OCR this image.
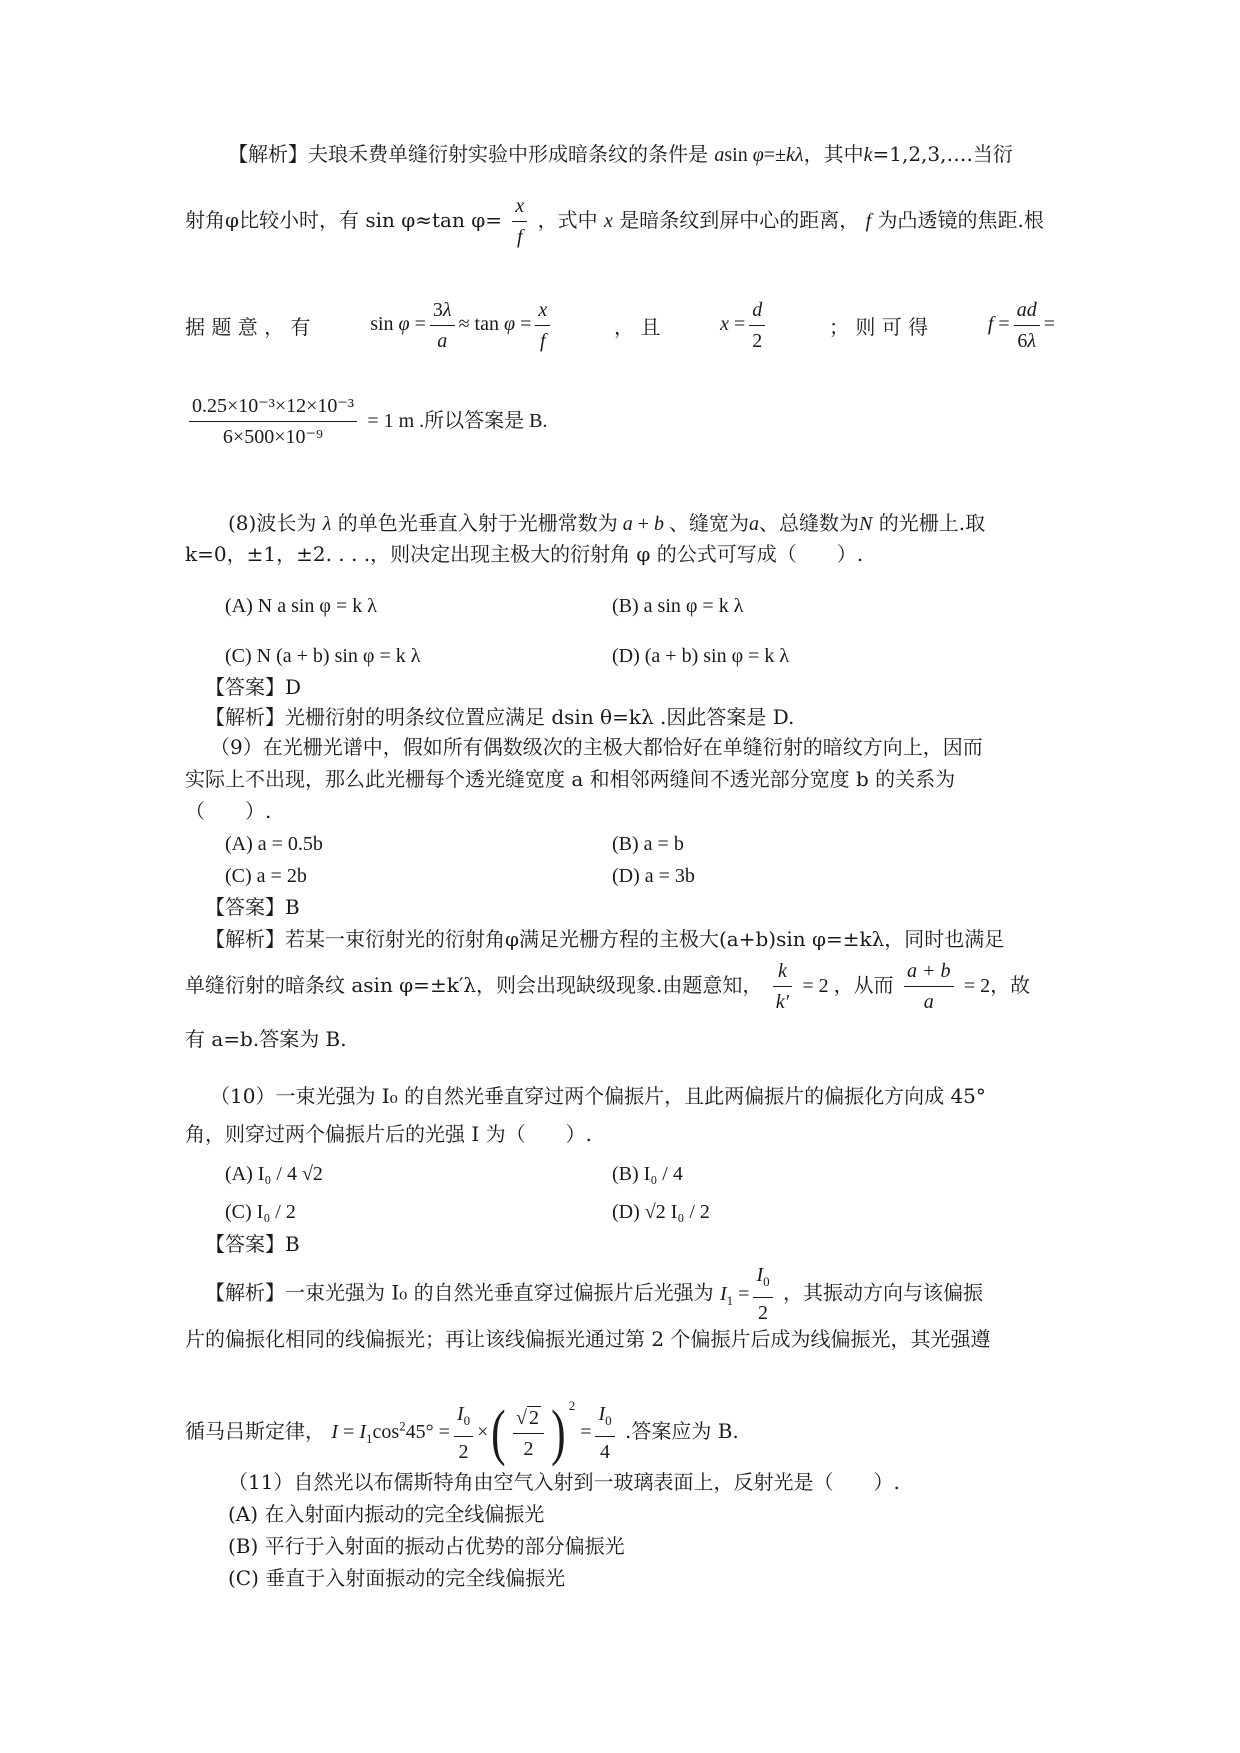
【解析】夫琅禾费单缝衍射实验中形成暗条纹的条件是 asin φ=±kλ，其中k=1,2,3,….当衍
射角φ比较小时，有 sin φ≈tan $\varphi= \frac{x}{f}$ ，式中 x 是暗条纹到屏中心的距离， f 为凸透镜的焦距.根
据 题 意 ， 有	$\sin \varphi = \frac{3\lambda}{a} \approx \tan \varphi = \frac{x}{f}$	， 且	$x = \frac{d}{2}$	； 则 可 得	$f = \frac{ad}{6\lambda}$ =
$\frac{\text{0.25×10⁻³×12×10⁻³}}{\text{6×500×10⁻⁹}} = 1$ m .所以答案是 B.
(8)波长为 λ 的单色光垂直入射于光栅常数为 a + b 、缝宽为a、总缝数为N 的光栅上.取
k=0，±1，±2. . . .，则决定出现主极大的衍射角 φ 的公式可写成（　　）.
(A) N a sin φ = k λ	(B) a sin φ = k λ
(C) N (a + b) sin φ = k λ	(D) (a + b) sin φ = k λ
【答案】D
【解析】光栅衍射的明条纹位置应满足 dsin θ=kλ .因此答案是 D.
（9）在光栅光谱中，假如所有偶数级次的主极大都恰好在单缝衍射的暗纹方向上，因而
实际上不出现，那么此光栅每个透光缝宽度 a 和相邻两缝间不透光部分宽度 b 的关系为
（　　）.
(A) a = 0.5b	(B) a = b
(C) a = 2b	(D) a = 3b
【答案】B
【解析】若某一束衍射光的衍射角φ满足光栅方程的主极大(a+b)sin φ=±kλ，同时也满足
单缝衍射的暗条纹 asin φ=±k′λ，则会出现缺级现象.由题意知， $\frac{k}{k'} = 2$ ，从而 $\frac{a + b}{a} = 2$，故
有 a=b.答案为 B.
（10）一束光强为 I₀ 的自然光垂直穿过两个偏振片，且此两偏振片的偏振化方向成 45°
角，则穿过两个偏振片后的光强 I 为（　　）.
(A) I₀ / 4 √2	(B) I₀ / 4
(C) I₀ / 2	(D) √2 I₀ / 2
【答案】B
【解析】一束光强为 I₀ 的自然光垂直穿过偏振片后光强为 $I_1 = \frac{I_0}{2}$ ，其振动方向与该偏振
片的偏振化相同的线偏振光；再让该线偏振光通过第 2 个偏振片后成为线偏振光，其光强遵
循马吕斯定律， $I = I_1\cos^245^\circ = \frac{I_0}{2}$ ×( $\frac{√ 2}{2}$ ) $^2 = \frac{I_0}{4}$ .答案应为 B.
（11）自然光以布儒斯特角由空气入射到一玻璃表面上，反射光是（　　）.
(A) 在入射面内振动的完全线偏振光
(B) 平行于入射面的振动占优势的部分偏振光
(C) 垂直于入射面振动的完全线偏振光
